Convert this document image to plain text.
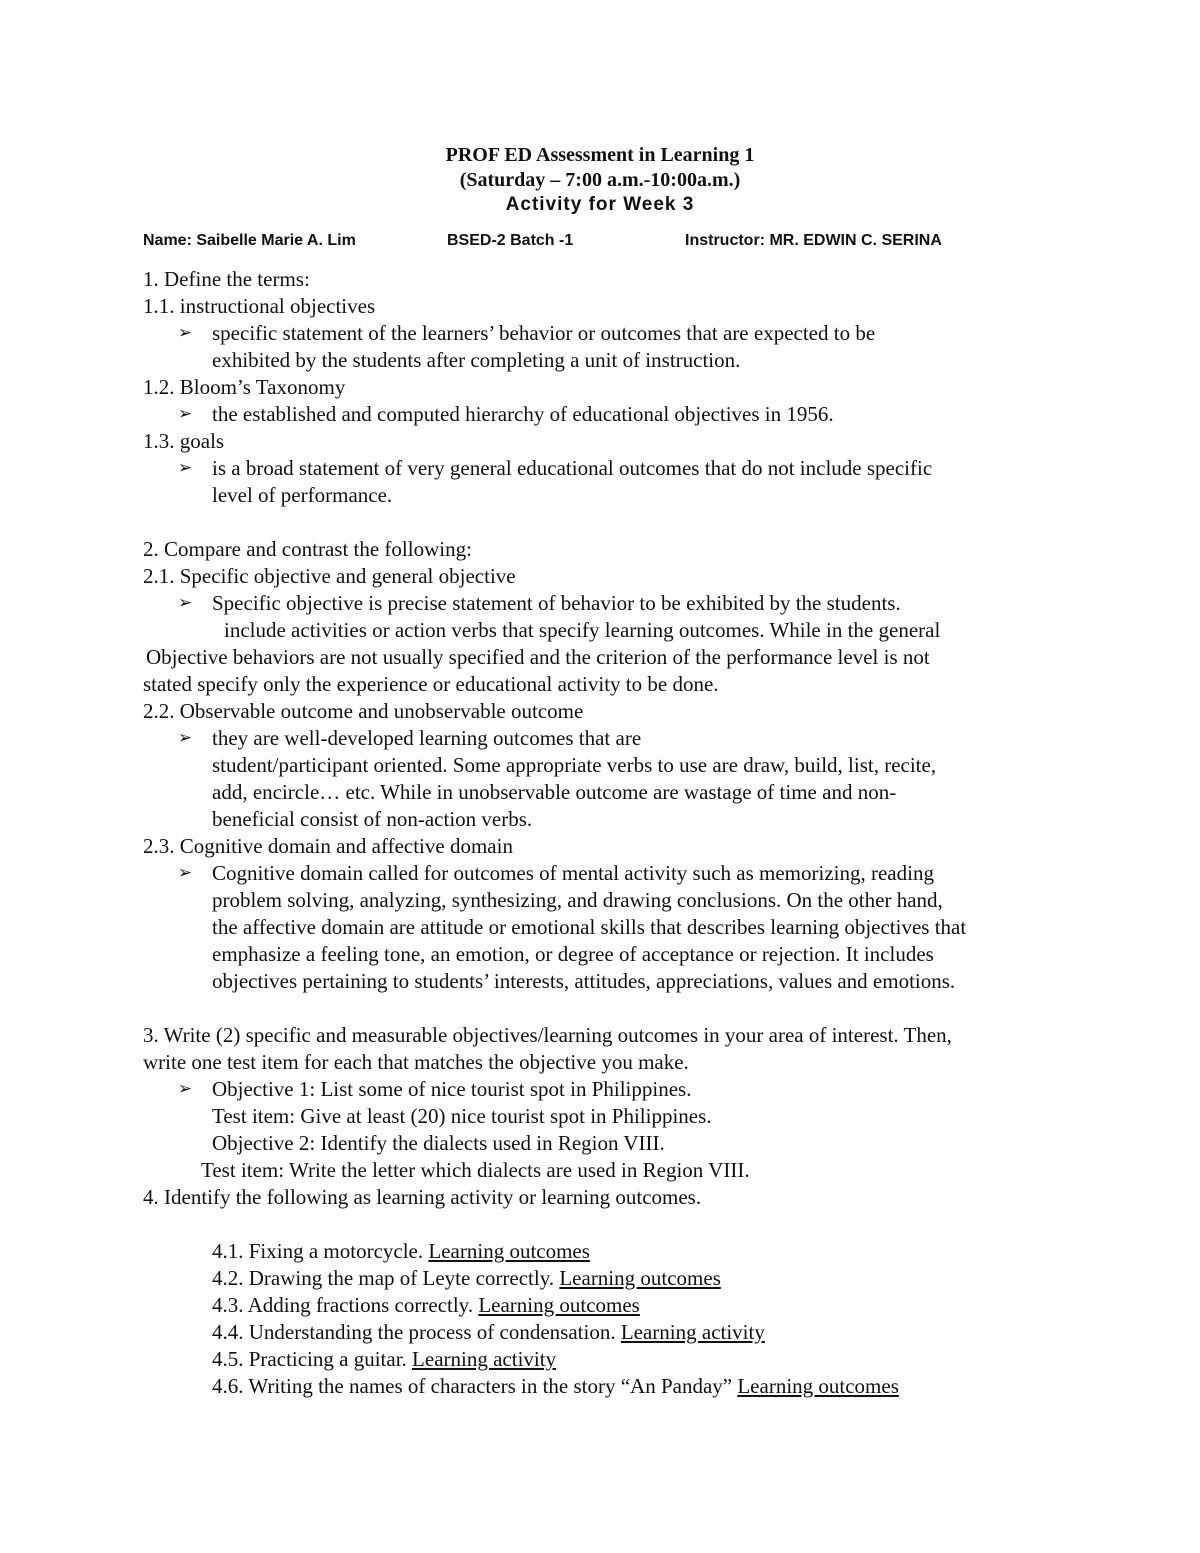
PROF ED Assessment in Learning 1
(Saturday – 7:00 a.m.-10:00a.m.)
Activity for Week 3
Name: Saibelle Marie A. Lim	BSED-2 Batch -1	Instructor: MR. EDWIN C. SERINA
1. Define the terms:
1.1. instructional objectives
➢ specific statement of the learners’ behavior or outcomes that are expected to be
exhibited by the students after completing a unit of instruction.
1.2. Bloom’s Taxonomy
➢ the established and computed hierarchy of educational objectives in 1956.
1.3. goals
➢ is a broad statement of very general educational outcomes that do not include specific
level of performance.
2. Compare and contrast the following:
2.1. Specific objective and general objective
➢ Specific objective is precise statement of behavior to be exhibited by the students.
include activities or action verbs that specify learning outcomes. While in the general
Objective behaviors are not usually specified and the criterion of the performance level is not
stated specify only the experience or educational activity to be done.
2.2. Observable outcome and unobservable outcome
➢ they are well-developed learning outcomes that are
student/participant oriented. Some appropriate verbs to use are draw, build, list, recite,
add, encircle… etc. While in unobservable outcome are wastage of time and non-
beneficial consist of non-action verbs.
2.3. Cognitive domain and affective domain
➢ Cognitive domain called for outcomes of mental activity such as memorizing, reading
problem solving, analyzing, synthesizing, and drawing conclusions. On the other hand,
the affective domain are attitude or emotional skills that describes learning objectives that
emphasize a feeling tone, an emotion, or degree of acceptance or rejection. It includes
objectives pertaining to students’ interests, attitudes, appreciations, values and emotions.
3. Write (2) specific and measurable objectives/learning outcomes in your area of interest. Then,
write one test item for each that matches the objective you make.
➢ Objective 1: List some of nice tourist spot in Philippines.
Test item: Give at least (20) nice tourist spot in Philippines.
Objective 2: Identify the dialects used in Region VIII.
Test item: Write the letter which dialects are used in Region VIII.
4. Identify the following as learning activity or learning outcomes.
4.1. Fixing a motorcycle. Learning outcomes
4.2. Drawing the map of Leyte correctly. Learning outcomes
4.3. Adding fractions correctly. Learning outcomes
4.4. Understanding the process of condensation. Learning activity
4.5. Practicing a guitar. Learning activity
4.6. Writing the names of characters in the story “An Panday” Learning outcomes
